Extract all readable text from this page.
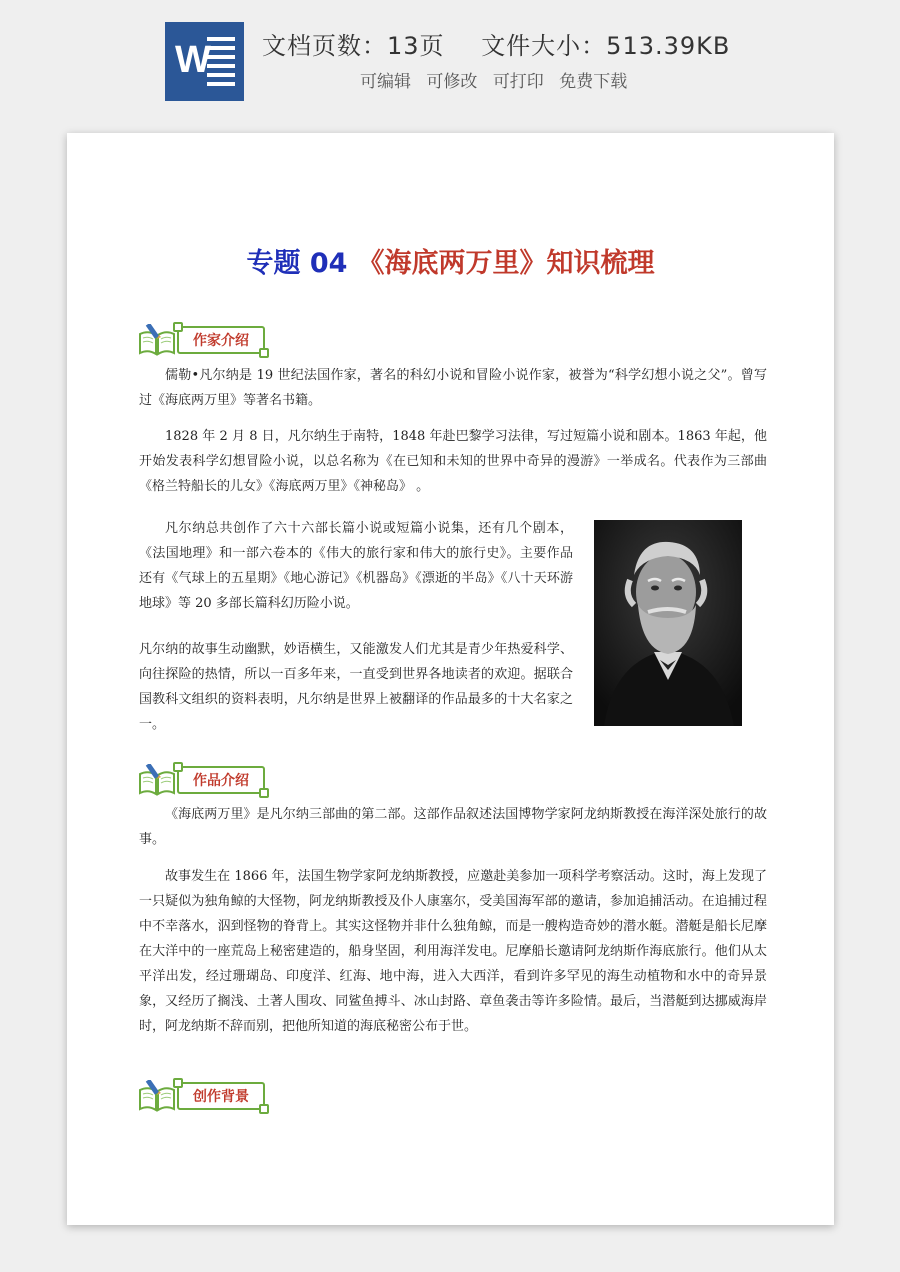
W 文档页数：13页 文件大小：513.39KB
可编辑 可修改 可打印 免费下载
专题 04 《海底两万里》知识梳理
作家介绍
儒勒•凡尔纳是 19 世纪法国作家，著名的科幻小说和冒险小说作家，被誉为“科学幻想小说之父”。曾写过《海底两万里》等著名书籍。
1828 年 2 月 8 日，凡尔纳生于南特，1848 年赴巴黎学习法律，写过短篇小说和剧本。1863 年起，他开始发表科学幻想冒险小说，以总名称为《在已知和未知的世界中奇异的漫游》一举成名。代表作为三部曲《格兰特船长的儿女》《海底两万里》《神秘岛》 。
凡尔纳总共创作了六十六部长篇小说或短篇小说集，还有几个剧本，《法国地理》和一部六卷本的《伟大的旅行家和伟大的旅行史》。主要作品还有《气球上的五星期》《地心游记》《机器岛》《漂逝的半岛》《八十天环游地球》等 20 多部长篇科幻历险小说。
凡尔纳的故事生动幽默，妙语横生，又能激发人们尤其是青少年热爱科学、向往探险的热情，所以一百多年来，一直受到世界各地读者的欢迎。据联合国教科文组织的资料表明，凡尔纳是世界上被翻译的作品最多的十大名家之一。
作品介绍
《海底两万里》是凡尔纳三部曲的第二部。这部作品叙述法国博物学家阿龙纳斯教授在海洋深处旅行的故事。
故事发生在 1866 年，法国生物学家阿龙纳斯教授，应邀赴美参加一项科学考察活动。这时，海上发现了一只疑似为独角鲸的大怪物，阿龙纳斯教授及仆人康塞尔，受美国海军部的邀请，参加追捕活动。在追捕过程中不幸落水，泅到怪物的脊背上。其实这怪物并非什么独角鲸，而是一艘构造奇妙的潜水艇。潜艇是船长尼摩在大洋中的一座荒岛上秘密建造的，船身坚固，利用海洋发电。尼摩船长邀请阿龙纳斯作海底旅行。他们从太平洋出发，经过珊瑚岛、印度洋、红海、地中海，进入大西洋，看到许多罕见的海生动植物和水中的奇异景象，又经历了搁浅、土著人围攻、同鲨鱼搏斗、冰山封路、章鱼袭击等许多险情。最后，当潜艇到达挪威海岸时，阿龙纳斯不辞而别，把他所知道的海底秘密公布于世。
创作背景
